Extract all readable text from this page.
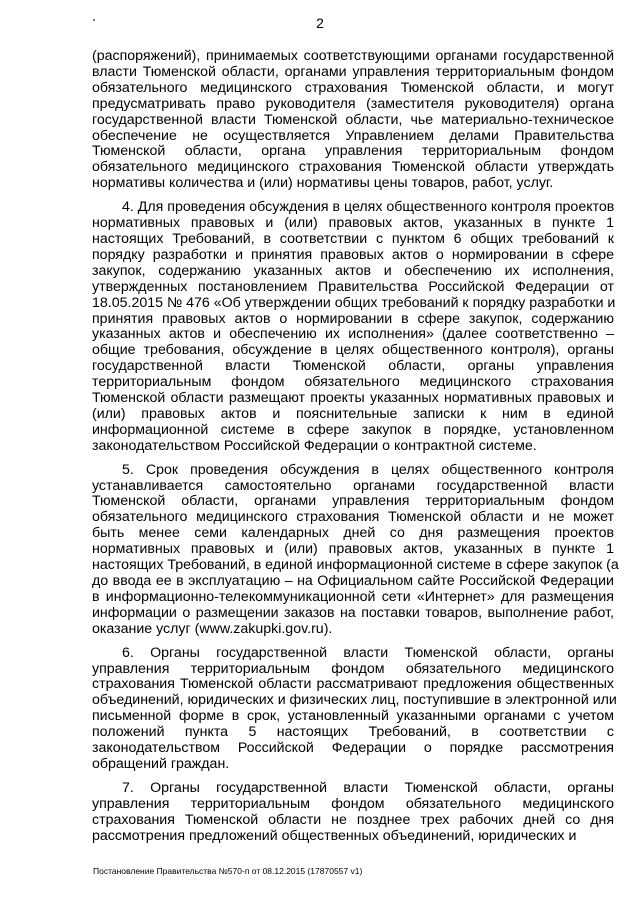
2
(распоряжений), принимаемых соответствующими органами государственной
власти Тюменской области, органами управления территориальным фондом
обязательного медицинского страхования Тюменской области, и могут
предусматривать право руководителя (заместителя руководителя) органа
государственной власти Тюменской области, чье материально-техническое
обеспечение не осуществляется Управлением делами Правительства
Тюменской области, органа управления территориальным фондом
обязательного медицинского страхования Тюменской области утверждать
нормативы количества и (или) нормативы цены товаров, работ, услуг.
4. Для проведения обсуждения в целях общественного контроля проектов
нормативных правовых и (или) правовых актов, указанных в пункте 1
настоящих Требований, в соответствии с пунктом 6 общих требований к
порядку разработки и принятия правовых актов о нормировании в сфере
закупок, содержанию указанных актов и обеспечению их исполнения,
утвержденных постановлением Правительства Российской Федерации от
18.05.2015 № 476 «Об утверждении общих требований к порядку разработки и
принятия правовых актов о нормировании в сфере закупок, содержанию
указанных актов и обеспечению их исполнения» (далее соответственно –
общие требования, обсуждение в целях общественного контроля), органы
государственной власти Тюменской области, органы управления
территориальным фондом обязательного медицинского страхования
Тюменской области размещают проекты указанных нормативных правовых и
(или) правовых актов и пояснительные записки к ним в единой
информационной системе в сфере закупок в порядке, установленном
законодательством Российской Федерации о контрактной системе.
5. Срок проведения обсуждения в целях общественного контроля
устанавливается самостоятельно органами государственной власти
Тюменской области, органами управления территориальным фондом
обязательного медицинского страхования Тюменской области и не может
быть менее семи календарных дней со дня размещения проектов
нормативных правовых и (или) правовых актов, указанных в пункте 1
настоящих Требований, в единой информационной системе в сфере закупок (а
до ввода ее в эксплуатацию – на Официальном сайте Российской Федерации
в информационно-телекоммуникационной сети «Интернет» для размещения
информации о размещении заказов на поставки товаров, выполнение работ,
оказание услуг (www.zakupki.gov.ru).
6. Органы государственной власти Тюменской области, органы
управления территориальным фондом обязательного медицинского
страхования Тюменской области рассматривают предложения общественных
объединений, юридических и физических лиц, поступившие в электронной или
письменной форме в срок, установленный указанными органами с учетом
положений пункта 5 настоящих Требований, в соответствии с
законодательством Российской Федерации о порядке рассмотрения
обращений граждан.
7. Органы государственной власти Тюменской области, органы
управления территориальным фондом обязательного медицинского
страхования Тюменской области не позднее трех рабочих дней со дня
рассмотрения предложений общественных объединений, юридических и
Постановление Правительства №570-п от 08.12.2015 (17870557 v1)
